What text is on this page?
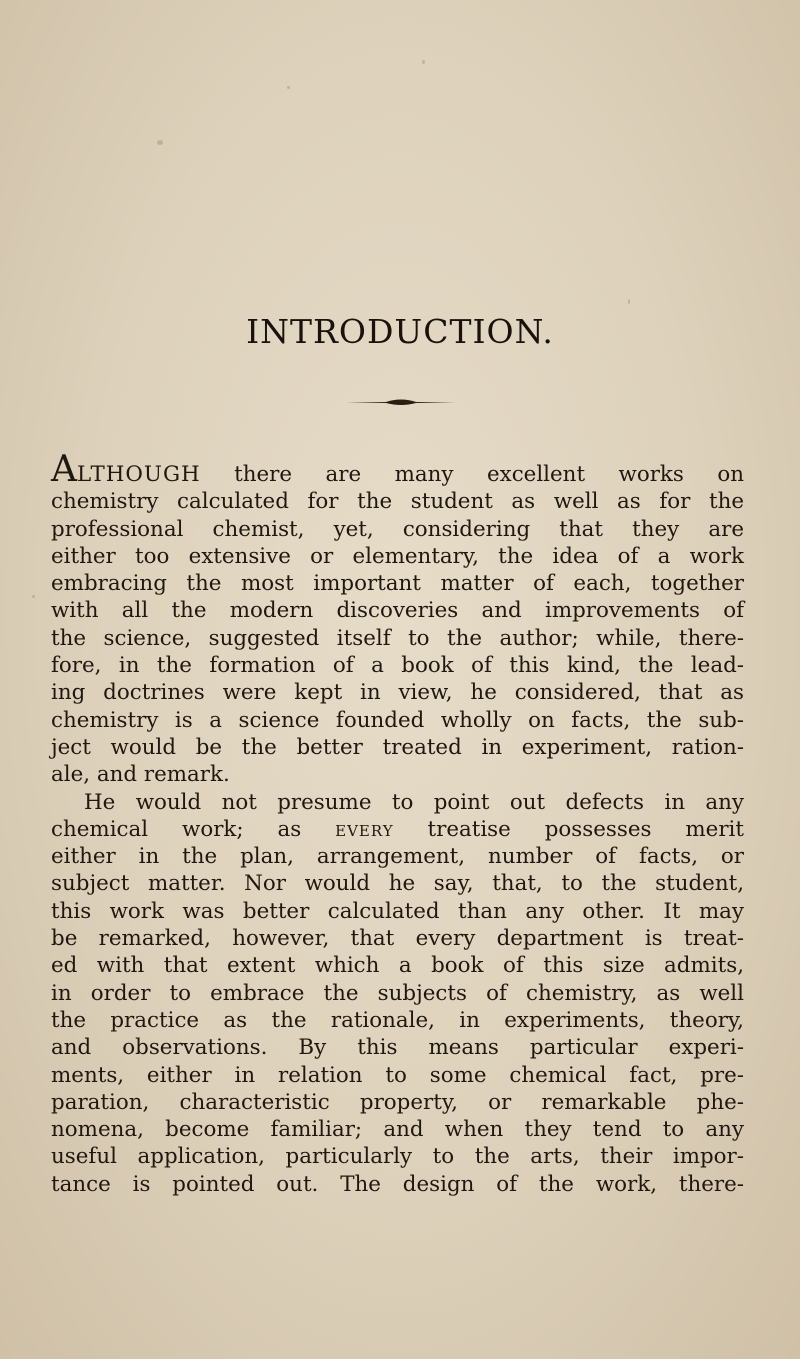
INTRODUCTION.
ALTHOUGH there are many excellent works on
chemistry calculated for the student as well as for the
professional chemist, yet, considering that they are
either too extensive or elementary, the idea of a work
embracing the most important matter of each, together
with all the modern discoveries and improvements of
the science, suggested itself to the author; while, there-
fore, in the formation of a book of this kind, the lead-
ing doctrines were kept in view, he considered, that as
chemistry is a science founded wholly on facts, the sub-
ject would be the better treated in experiment, ration-
ale, and remark.
He would not presume to point out defects in any
chemical work; as every treatise possesses merit
either in the plan, arrangement, number of facts, or
subject matter. Nor would he say, that, to the student,
this work was better calculated than any other. It may
be remarked, however, that every department is treat-
ed with that extent which a book of this size admits,
in order to embrace the subjects of chemistry, as well
the practice as the rationale, in experiments, theory,
and observations. By this means particular experi-
ments, either in relation to some chemical fact, pre-
paration, characteristic property, or remarkable phe-
nomena, become familiar; and when they tend to any
useful application, particularly to the arts, their impor-
tance is pointed out. The design of the work, there-
